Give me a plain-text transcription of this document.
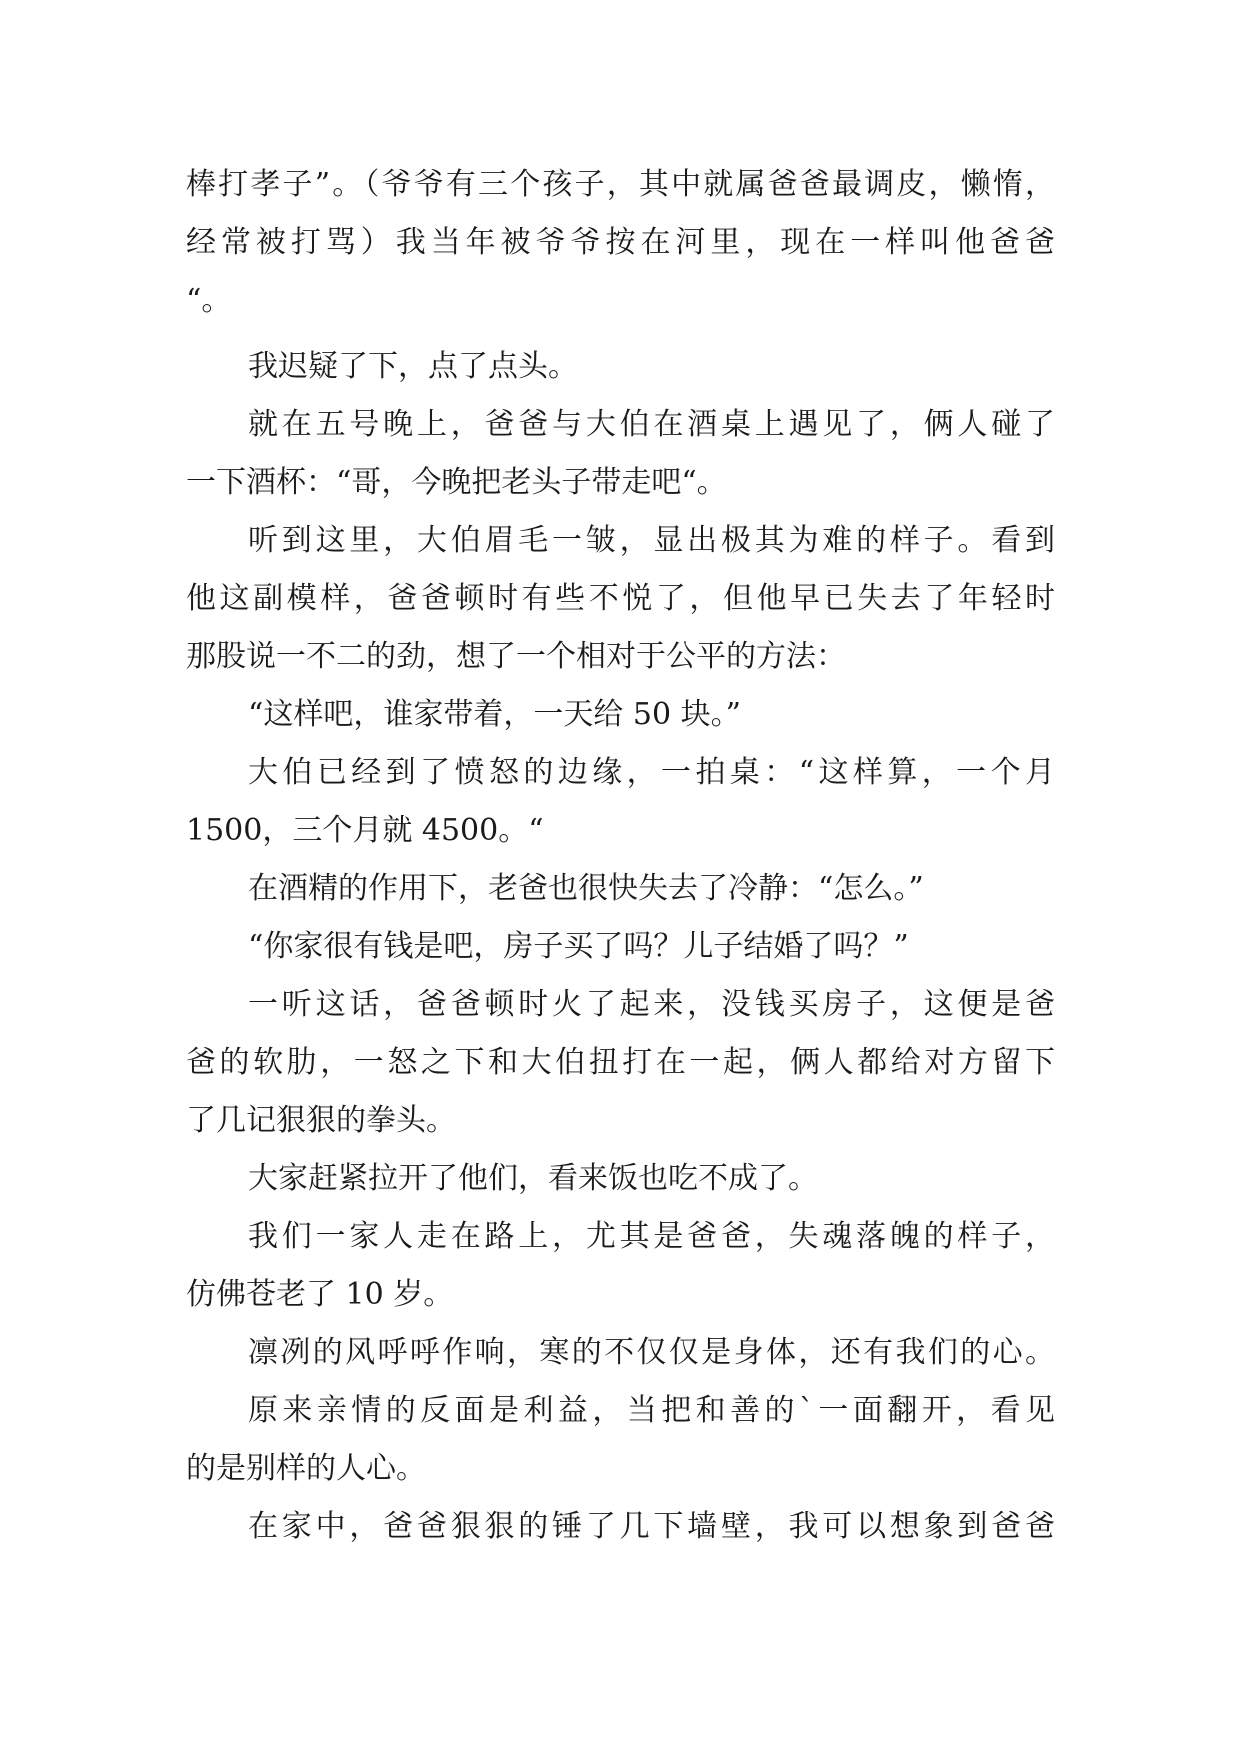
棒打孝子”。（爷爷有三个孩子，其中就属爸爸最调皮，懒惰，
经常被打骂）我当年被爷爷按在河里，现在一样叫他爸爸
“。
我迟疑了下，点了点头。
就在五号晚上，爸爸与大伯在酒桌上遇见了，俩人碰了
一下酒杯：“哥，今晚把老头子带走吧“。
听到这里，大伯眉毛一皱，显出极其为难的样子。看到
他这副模样，爸爸顿时有些不悦了，但他早已失去了年轻时
那股说一不二的劲，想了一个相对于公平的方法：
“这样吧，谁家带着，一天给 50 块。”
大伯已经到了愤怒的边缘，一拍桌：“这样算，一个月
1500，三个月就 4500。“
在酒精的作用下，老爸也很快失去了冷静：“怎么。”
“你家很有钱是吧，房子买了吗？儿子结婚了吗？”
一听这话，爸爸顿时火了起来，没钱买房子，这便是爸
爸的软肋，一怒之下和大伯扭打在一起，俩人都给对方留下
了几记狠狠的拳头。
大家赶紧拉开了他们，看来饭也吃不成了。
我们一家人走在路上，尤其是爸爸，失魂落魄的样子，
仿佛苍老了 10 岁。
凛冽的风呼呼作响，寒的不仅仅是身体，还有我们的心。
原来亲情的反面是利益，当把和善的`一面翻开，看见
的是别样的人心。
在家中，爸爸狠狠的锤了几下墙壁，我可以想象到爸爸
